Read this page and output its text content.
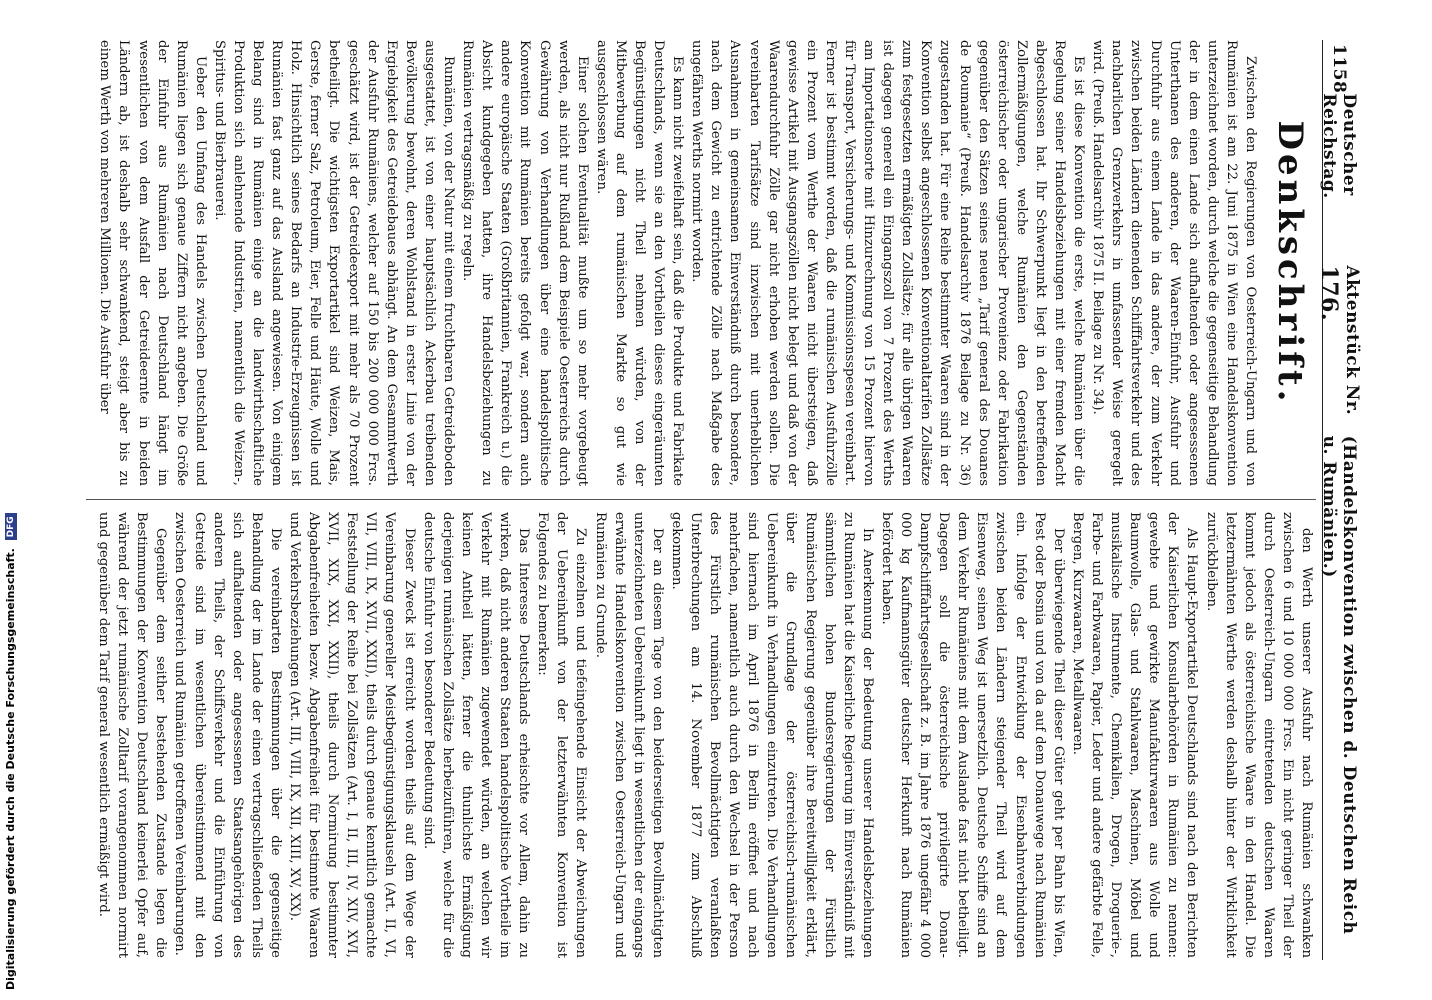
1158
Deutscher Reichstag.
Aktenstück Nr. 176.
(Handelskonvention zwischen d. Deutschen Reich u. Rumänien.)
Denkschrift.

Zwischen den Regierungen von Oesterreich-Ungarn und von Rumänien ist am 22. Juni 1875 in Wien eine Handelskonvention unterzeichnet worden, durch welche die gegenseitige Behandlung der in dem einen Lande sich aufhaltenden oder angesessenen Unterthanen des anderen, der Waaren-Einfuhr, Ausfuhr und Durchfuhr aus einem Lande in das andere, der zum Verkehr zwischen beiden Ländern dienenden Schifffahrtsverkehr und des nachbarlichen Grenzverkehrs in umfassender Weise geregelt wird. (Preuß. Handelsarchiv 1875 II. Beilage zu Nr. 34).

Es ist diese Konvention die erste, welche Rumänien über die Regelung seiner Handelsbeziehungen mit einer fremden Macht abgeschlossen hat. Ihr Schwerpunkt liegt in den betreffenden Zollermäßigungen, welche Rumänien den Gegenständen österreichischer oder ungarischer Provenienz oder Fabrikation gegenüber den Sätzen seines neuen „Tarif general des Douanes de Roumanie“ (Preuß. Handelsarchiv 1876 Beilage zu Nr. 36) zugestanden hat. Für eine Reihe bestimmter Waaren sind in der Konvention selbst angeschlossenen Konventionaltarifen Zollsätze zum festgesetzten ermäßigten Zollsätze; für alle übrigen Waaren ist dagegen generell ein Eingangszoll von 7 Prozent des Werths am Importationsorte mit Hinzurechnung von 15 Prozent hiervon für Transport, Versicherungs- und Kommissionsspesen vereinbart. Ferner ist bestimmt worden, daß die rumänischen Ausfuhrzölle ein Prozent vom Werthe der Waaren nicht übersteigen, daß gewisse Artikel mit Ausgangszöllen nicht belegt und daß von der Waarendurchfuhr Zölle gar nicht erhoben werden sollen. Die vereinbarten Tarifsätze sind inzwischen mit unerheblichen Ausnahmen in gemeinsamen Einverständniß durch besondere, nach dem Gewicht zu entrichtende Zölle nach Maßgabe des ungefähren Werths normirt worden.

Es kann nicht zweifelhaft sein, daß die Produkte und Fabrikate Deutschlands, wenn sie an den Vortheilen dieses eingeräumten Begünstigungen nicht Theil nehmen würden, von der Mitbewerbung auf dem rumänischen Markte so gut wie ausgeschlossen wären.

Einer solchen Eventualität mußte um so mehr vorgebeugt werden, als nicht nur Rußland dem Beispiele Oesterreichs durch Gewährung von Verhandlungen über eine handelspolitische Konvention mit Rumänien bereits gefolgt war, sondern auch andere europäische Staaten (Großbritannien, Frankreich u.) die Absicht kundgegeben hatten, ihre Handelsbeziehungen zu Rumänien vertragsmäßig zu regeln.

Rumänien, von der Natur mit einem fruchtbaren Getreideboden ausgestattet, ist von einer hauptsächlich Ackerbau treibenden Bevölkerung bewohnt, deren Wohlstand in erster Linie von der Ergiebigkeit des Getreidebaues abhängt. An dem Gesammtwerth der Ausfuhr Rumäniens, welcher auf 150 bis 200 000 000 Frcs. geschätzt wird, ist der Getreideexport mit mehr als 70 Prozent betheiligt. Die wichtigsten Exportartikel sind Weizen, Mais, Gerste, ferner Salz, Petroleum, Eier, Felle und Häute, Wolle und Holz. Hinsichtlich seines Bedarfs an Industrie-Erzeugnissen ist Rumänien fast ganz auf das Ausland angewiesen. Von einigem Belang sind in Rumänien einige an die landwirthschaftliche Produktion sich anlehnende Industrien, namentlich die Weizen-, Spiritus- und Bierbrauerei.

Ueber den Umfang des Handels zwischen Deutschland und Rumänien liegen sich genaue Ziffern nicht angeben. Die Größe der Einfuhr aus Rumänien nach Deutschland hängt im wesentlichen von dem Ausfall der Getreideernte in beiden Ländern ab, ist deshalb sehr schwankend, steigt aber bis zu einem Werth von mehreren Millionen. Die Ausfuhr über

den Werth unserer Ausfuhr nach Rumänien schwanken zwischen 6 und 10 000 000 Frcs. Ein nicht geringer Theil der durch Oesterreich-Ungarn eintretenden deutschen Waaren kommt jedoch als österreichische Waare in den Handel. Die letztermähnten Werthe werden deshalb hinter der Wirklichkeit zurückbleiben.

Als Haupt-Exportartikel Deutschlands sind nach den Berichten der Kaiserlichen Konsularbehörden in Rumänien zu nennen: gewebte und gewirkte Manufakturwaaren aus Wolle und Baumwolle, Glas- und Stahlwaaren, Maschinen, Möbel und musikalische Instrumente, Chemikalien, Drogen, Droguerie-, Farbe- und Farbwaaren, Papier, Leder und andere gefärbte Felle, Bergen, Kurzwaaren, Metallwaaren.

Der überwiegende Theil dieser Güter geht per Bahn bis Wien, Pest oder Bosnia und von da auf dem Donauwege nach Rumänien ein. Infolge der Entwicklung der Eisenbahnverbindungen zwischen beiden Ländern steigender Theil wird auf dem Eisenweg, seinen Weg ist unersetzlich. Deutsche Schiffe sind an dem Verkehr Rumäniens mit dem Auslande fast nicht betheiligt. Dagegen soll die österreichische privilegirte Donau-Dampfschifffahrtsgesellschaft z. B. im Jahre 1876 ungefähr 4 000 000 kg Kaufmannsgüter deutscher Herkunft nach Rumänien befördert haben.

In Anerkennung der Bedeutung unserer Handelsbeziehungen zu Rumänien hat die Kaiserliche Regierung im Einverständniß mit sämmtlichen hohen Bundesregierungen der Fürstlich Rumänischen Regierung gegenüber ihre Bereitwilligkeit erklärt, über die Grundlage der österreichisch-rumänischen Uebereinkunft in Verhandlungen einzutreten. Die Verhandlungen sind hiernach im April 1876 in Berlin eröffnet und nach mehrfachen, namentlich auch durch den Wechsel in der Person des Fürstlich rumänischen Bevollmächtigten veranlaßten Unterbrechungen am 14. November 1877 zum Abschluß gekommen.

Der an diesem Tage von den beiderseitigen Bevollmächtigten unterzeichneten Uebereinkunft liegt in wesentlichen der eingangs erwähnte Handelskonvention zwischen Oesterreich-Ungarn und Rumänien zu Grunde.

Zu einzelnen und tiefeingehende Einsicht der Abweichungen der Uebereinkunft von der letzterwähnten Konvention ist Folgendes zu bemerken:

Das Interesse Deutschlands erheischte vor Allem, dahin zu wirken, daß nicht anderen Staaten handelspolitische Vortheile im Verkehr mit Rumänien zugewendet würden, an welchen wir keinen Antheil hätten, ferner die thunlichste Ermäßigung derjenigen rumänischen Zollsätze herbeizuführen, welche für die deutsche Einfuhr von besonderer Bedeutung sind.

Dieser Zweck ist erreicht worden theils auf dem Wege der Vereinbarung genereller Meistbegünstigungsklauseln (Art. II, VI, VII, VIII, IX, XVII, XXII), theils durch genaue kenntlich gemachte Feststellung der Reihe bei Zollsätzen (Art. I, II, III, IV, XIV, XVI, XVII, XIX, XXI, XXII), theils durch Normirung bestimmter Abgabenfreiheiten bezw. Abgabenfreiheit für bestimmte Waaren und Verkehrsbeziehungen (Art. III, VIII, IX, XII, XIII, XV, XX).

Die vereinbarten Bestimmungen über die gegenseitige Behandlung der im Lande der einen vertragschließenden Theils sich aufhaltenden oder angesessenen Staatsangehörigen des anderen Theils, der Schiffsverkehr und die Einführung von Getreide sind im wesentlichen übereinstimmend mit den zwischen Oesterreich und Rumänien getroffenen Vereinbarungen.

Gegenüber dem seither bestehenden Zustande legen die Bestimmungen der Konvention Deutschland keinerlei Opfer auf, während der jetzt rumänische Zolltarif vorangenommen normirt und gegenüber dem Tarif general wesentlich ermäßigt wird.

Digitalisierung gefördert durch die Deutsche Forschungsgemeinschaft. DFG
